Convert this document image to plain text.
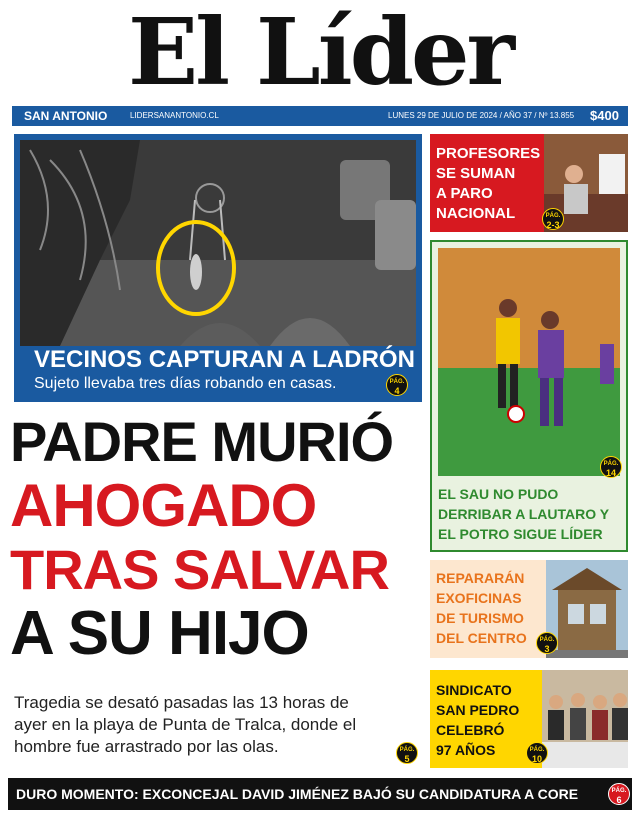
El Líder
SAN ANTONIO	LIDERSANANTONIO.CL	LUNES 29 DE JULIO DE 2024 / AÑO 37 / Nº 13.855 $400
VECINOS CAPTURAN A LADRÓN
Sujeto llevaba tres días robando en casas.	PÁG.
4
PADRE MURIÓ
AHOGADO
TRAS SALVAR
A SU HIJO
Tragedia se desató pasadas las 13 horas de
ayer en la playa de Punta de Tralca, donde el
hombre fue arrastrado por las olas.	PÁG.
5
PROFESORES
SE SUMAN
A PARO
NACIONAL	PÁG.
2-3
PÁG.
14
EL SAU NO PUDO
DERRIBAR A LAUTARO Y
EL POTRO SIGUE LÍDER
REPARARÁN
EXOFICINAS
DE TURISMO
DEL CENTRO	PÁG.
3
SINDICATO
SAN PEDRO
CELEBRÓ
97 AÑOS	PÁG.
10
DURO MOMENTO: EXCONCEJAL DAVID JIMÉNEZ BAJÓ SU CANDIDATURA A CORE	PÁG.
6
